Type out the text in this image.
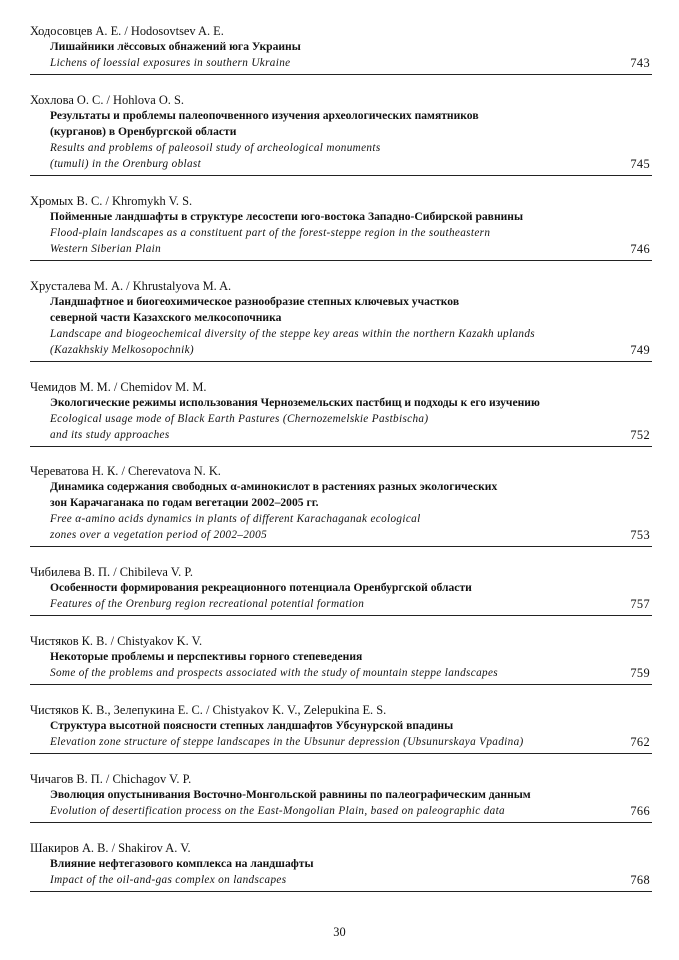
Ходосовцев А. Е. / Hodosovtsev A. E.
Лишайники лёссовых обнажений юга Украины
Lichens of loessial exposures in southern Ukraine	743
Хохлова О. С. / Hohlova O. S.
Результаты и проблемы палеопочвенного изучения археологических памятников
(курганов) в Оренбургской области
Results and problems of paleosoil study of archeological monuments
(tumuli) in the Orenburg oblast	745
Хромых В. С. / Khromykh V. S.
Пойменные ландшафты в структуре лесостепи юго-востока Западно-Сибирской равнины
Flood-plain landscapes as a constituent part of the forest-steppe region in the southeastern
Western Siberian Plain	746
Хрусталева М. А. / Khrustalyova M. A.
Ландшафтное и биогеохимическое разнообразие степных ключевых участков
северной части Казахского мелкосопочника
Landscape and biogeochemical diversity of the steppe key areas within the northern Kazakh uplands
(Kazakhskiy Melkosopochnik)	749
Чемидов М. М. / Chemidov M. M.
Экологические режимы использования Черноземельских пастбищ и подходы к его изучению
Ecological usage mode of Black Earth Pastures (Chernozemelskie Pastbischa)
and its study approaches	752
Череватова Н. К. / Cherevatova N. K.
Динамика содержания свободных α-аминокислот в растениях разных экологических
зон Карачаганака по годам вегетации 2002–2005 гг.
Free α-amino acids dynamics in plants of different Karachaganak ecological
zones over a vegetation period of 2002–2005	753
Чибилева В. П. / Chibileva V. P.
Особенности формирования рекреационного потенциала Оренбургской области
Features of the Orenburg region recreational potential formation	757
Чистяков К. В. / Chistyakov K. V.
Некоторые проблемы и перспективы горного степеведения
Some of the problems and prospects associated with the study of mountain steppe landscapes	759
Чистяков К. В., Зелепукина Е. С. / Chistyakov K. V., Zelepukina E. S.
Структура высотной поясности степных ландшафтов Убсунурской впадины
Elevation zone structure of steppe landscapes in the Ubsunur depression (Ubsunurskaya Vpadina)	762
Чичагов В. П. / Chichagov V. P.
Эволюция опустынивания Восточно-Монгольской равнины по палеографическим данным
Evolution of desertification process on the East-Mongolian Plain, based on paleographic data	766
Шакиров А. В. / Shakirov A. V.
Влияние нефтегазового комплекса на ландшафты
Impact of the oil-and-gas complex on landscapes	768
30
